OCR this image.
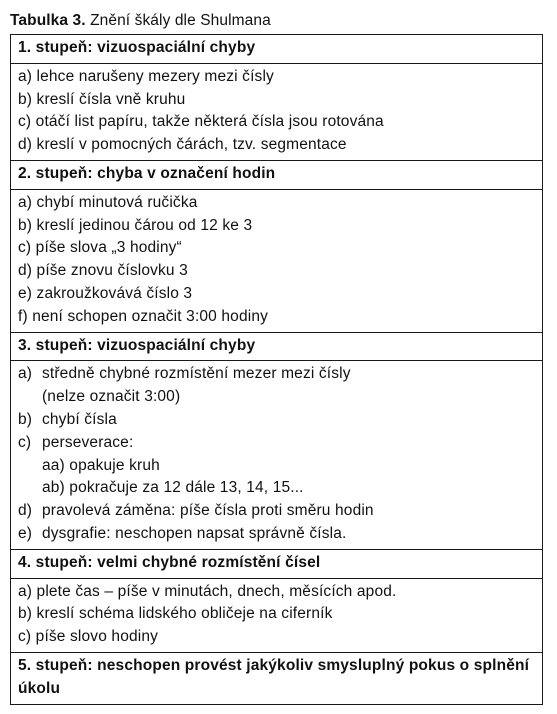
Tabulka 3. Znění škály dle Shulmana
1. stupeň: vizuospaciální chyby

a) lehce narušeny mezery mezi čísly
b) kreslí čísla vně kruhu
c) otáčí list papíru, takže některá čísla jsou rotována
d) kreslí v pomocných čárách, tzv. segmentace

2. stupeň: chyba v označení hodin

a) chybí minutová ručička
b) kreslí jedinou čárou od 12 ke 3
c) píše slova „3 hodiny“
d) píše znovu číslovku 3
e) zakroužkovává číslo 3
f) není schopen označit 3:00 hodiny

3. stupeň: vizuospaciální chyby

a) středně chybné rozmístění mezer mezi čísly
(nelze označit 3:00)
b) chybí čísla
c) perseverace:
aa) opakuje kruh
ab) pokračuje za 12 dále 13, 14, 15...
d) pravolevá záměna: píše čísla proti směru hodin
e) dysgrafie: neschopen napsat správně čísla.

4. stupeň: velmi chybné rozmístění čísel

a) plete čas – píše v minutách, dnech, měsících apod.
b) kreslí schéma lidského obličeje na ciferník
c) píše slovo hodiny

5. stupeň: neschopen provést jakýkoliv smysluplný pokus o splnění úkolu
